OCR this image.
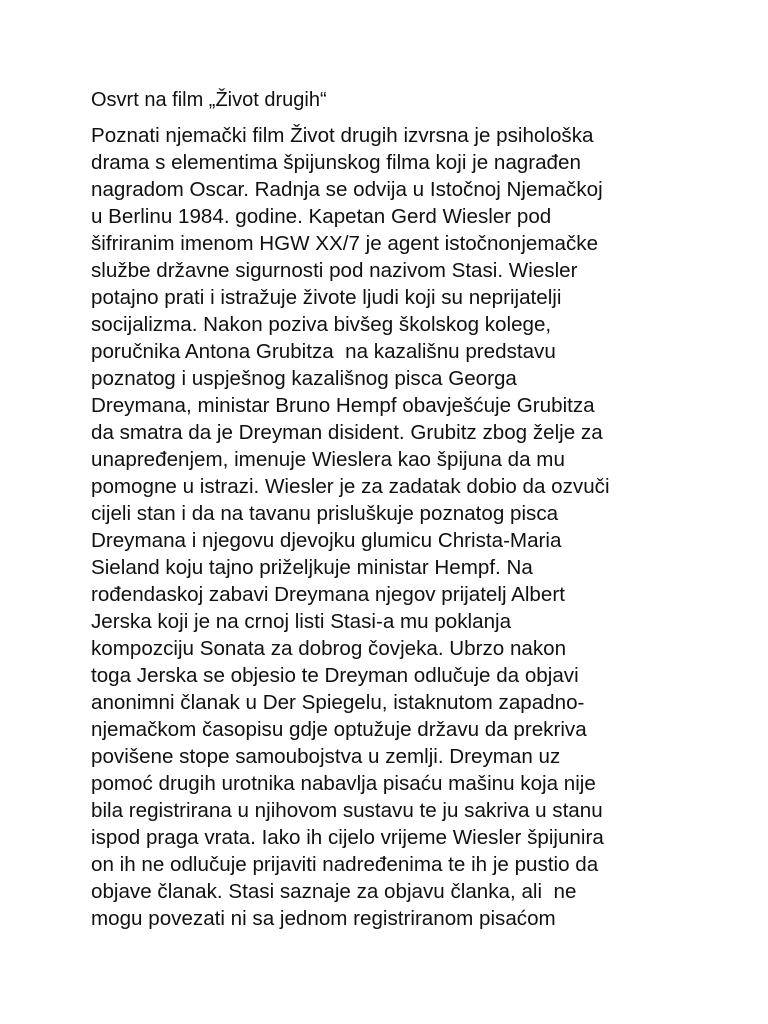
Osvrt na film „Život drugih“
Poznati njemački film Život drugih izvrsna je psihološka
drama s elementima špijunskog filma koji je nagrađen
nagradom Oscar. Radnja se odvija u Istočnoj Njemačkoj
u Berlinu 1984. godine. Kapetan Gerd Wiesler pod
šifriranim imenom HGW XX/7 je agent istočnonjemačke
službe državne sigurnosti pod nazivom Stasi. Wiesler
potajno prati i istražuje živote ljudi koji su neprijatelji
socijalizma. Nakon poziva bivšeg školskog kolege,
poručnika Antona Grubitza  na kazališnu predstavu
poznatog i uspješnog kazališnog pisca Georga
Dreymana, ministar Bruno Hempf obavješćuje Grubitza
da smatra da je Dreyman disident. Grubitz zbog želje za
unapređenjem, imenuje Wieslera kao špijuna da mu
pomogne u istrazi. Wiesler je za zadatak dobio da ozvuči
cijeli stan i da na tavanu prisluškuje poznatog pisca
Dreymana i njegovu djevojku glumicu Christa-Maria
Sieland koju tajno priželjkuje ministar Hempf. Na
rođendaskoj zabavi Dreymana njegov prijatelj Albert
Jerska koji je na crnoj listi Stasi-a mu poklanja
kompozciju Sonata za dobrog čovjeka. Ubrzo nakon
toga Jerska se objesio te Dreyman odlučuje da objavi
anonimni članak u Der Spiegelu, istaknutom zapadno-
njemačkom časopisu gdje optužuje državu da prekriva
povišene stope samoubojstva u zemlji. Dreyman uz
pomoć drugih urotnika nabavlja pisaću mašinu koja nije
bila registrirana u njihovom sustavu te ju sakriva u stanu
ispod praga vrata. Iako ih cijelo vrijeme Wiesler špijunira
on ih ne odlučuje prijaviti nadređenima te ih je pustio da
objave članak. Stasi saznaje za objavu članka, ali  ne
mogu povezati ni sa jednom registriranom pisaćom
